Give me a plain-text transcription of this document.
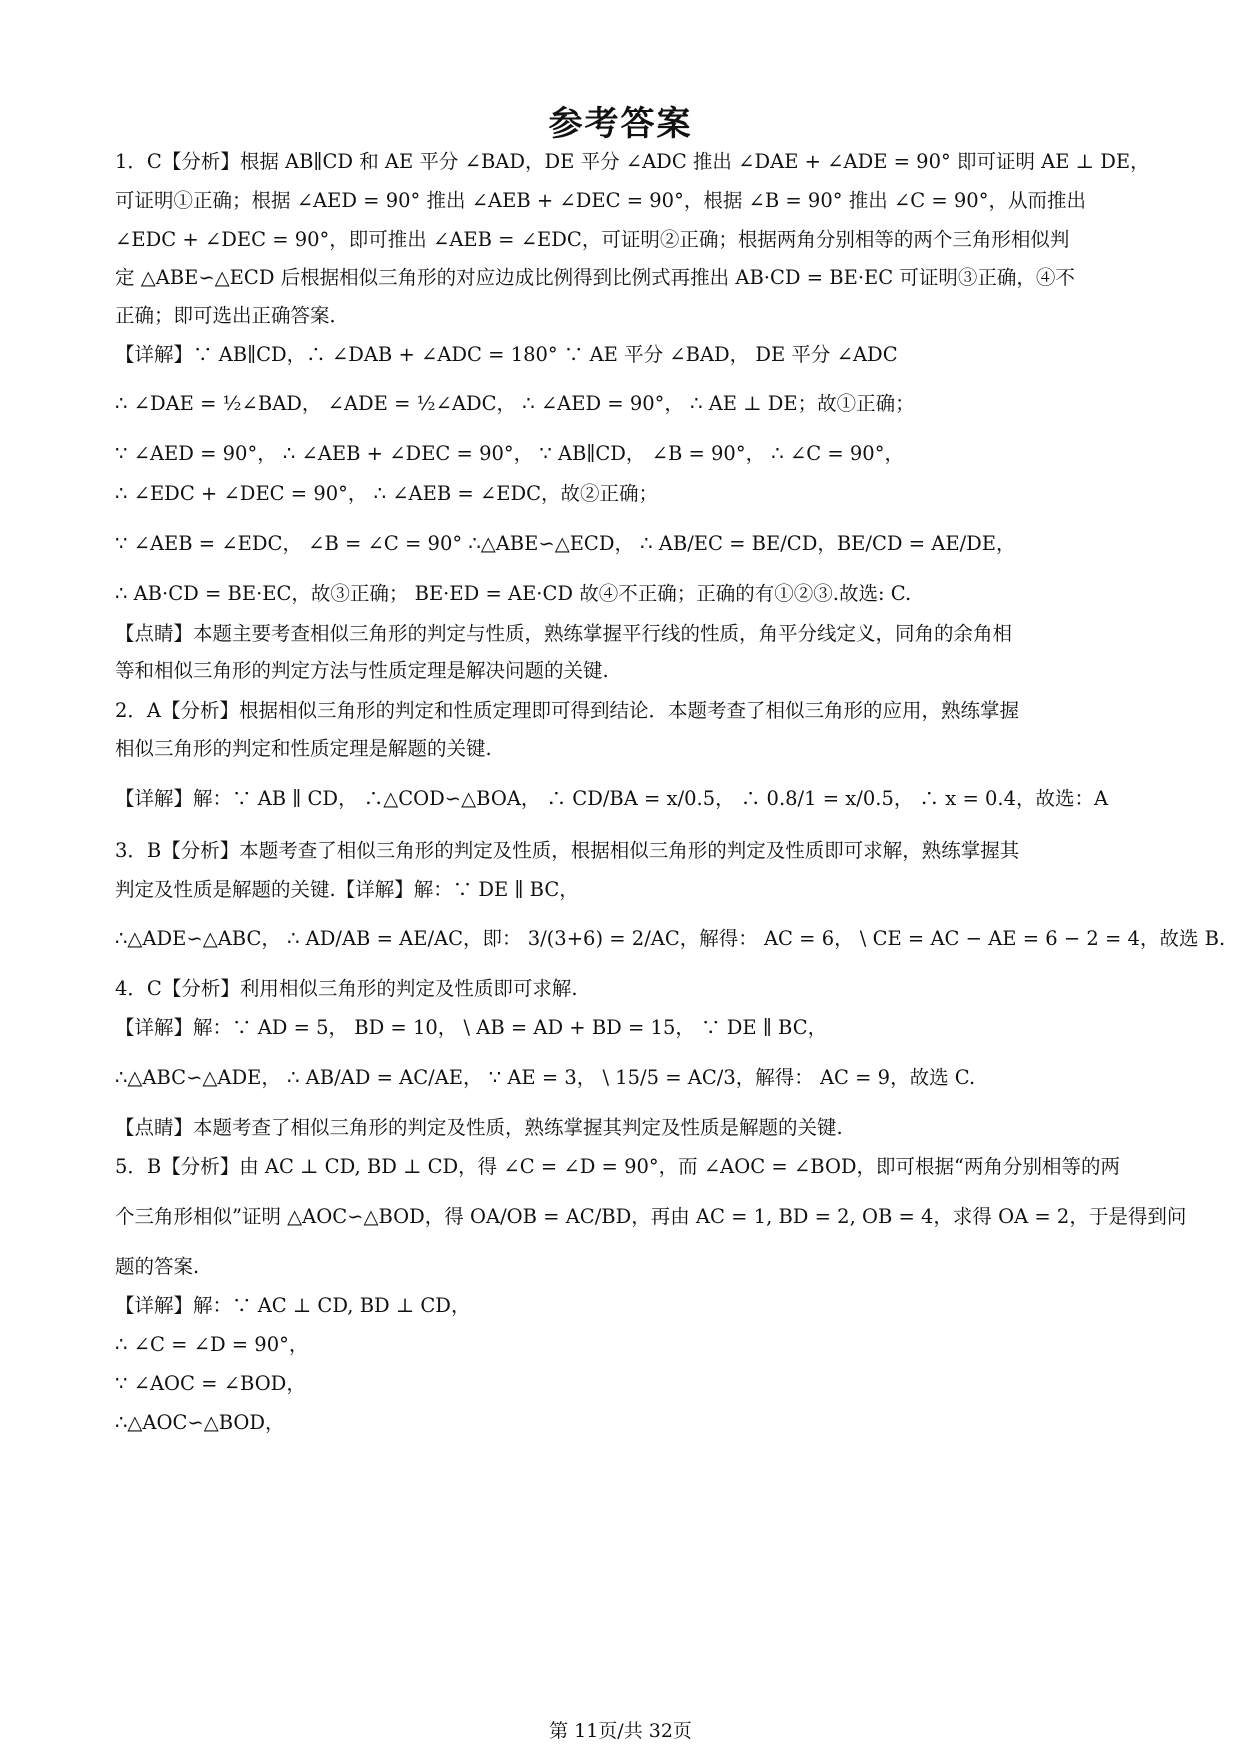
参考答案
1．C【分析】根据 AB∥CD 和 AE 平分 ∠BAD，DE 平分 ∠ADC 推出 ∠DAE + ∠ADE = 90° 即可证明 AE ⊥ DE，
可证明①正确；根据 ∠AED = 90° 推出 ∠AEB + ∠DEC = 90°，根据 ∠B = 90° 推出 ∠C = 90°，从而推出
∠EDC + ∠DEC = 90°，即可推出 ∠AEB = ∠EDC，可证明②正确；根据两角分别相等的两个三角形相似判
定 △ABE∽△ECD 后根据相似三角形的对应边成比例得到比例式再推出 AB·CD = BE·EC 可证明③正确，④不
正确；即可选出正确答案．
【详解】∵ AB∥CD，∴ ∠DAB + ∠ADC = 180° ∵ AE 平分 ∠BAD， DE 平分 ∠ADC
∴ ∠DAE = ½∠BAD， ∠ADE = ½∠ADC， ∴ ∠AED = 90°， ∴ AE ⊥ DE；故①正确；
∵ ∠AED = 90°， ∴ ∠AEB + ∠DEC = 90°， ∵ AB∥CD， ∠B = 90°， ∴ ∠C = 90°，
∴ ∠EDC + ∠DEC = 90°， ∴ ∠AEB = ∠EDC，故②正确；
∵ ∠AEB = ∠EDC， ∠B = ∠C = 90° ∴△ABE∽△ECD， ∴ AB/EC = BE/CD，BE/CD = AE/DE，
∴ AB·CD = BE·EC，故③正确； BE·ED = AE·CD 故④不正确；正确的有①②③.故选: C.
【点睛】本题主要考查相似三角形的判定与性质，熟练掌握平行线的性质，角平分线定义，同角的余角相
等和相似三角形的判定方法与性质定理是解决问题的关键.
2．A【分析】根据相似三角形的判定和性质定理即可得到结论．本题考查了相似三角形的应用，熟练掌握
相似三角形的判定和性质定理是解题的关键.
【详解】解：∵ AB ∥ CD， ∴△COD∽△BOA， ∴ CD/BA = x/0.5， ∴ 0.8/1 = x/0.5， ∴ x = 0.4，故选：A
3．B【分析】本题考查了相似三角形的判定及性质，根据相似三角形的判定及性质即可求解，熟练掌握其
判定及性质是解题的关键.【详解】解：∵ DE ∥ BC，
∴△ADE∽△ABC， ∴ AD/AB = AE/AC，即： 3/(3+6) = 2/AC，解得： AC = 6， \ CE = AC − AE = 6 − 2 = 4，故选 B.
4．C【分析】利用相似三角形的判定及性质即可求解.
【详解】解：∵ AD = 5， BD = 10， \ AB = AD + BD = 15， ∵ DE ∥ BC，
∴△ABC∽△ADE， ∴ AB/AD = AC/AE， ∵ AE = 3， \ 15/5 = AC/3，解得： AC = 9，故选 C.
【点睛】本题考查了相似三角形的判定及性质，熟练掌握其判定及性质是解题的关键.
5．B【分析】由 AC ⊥ CD, BD ⊥ CD，得 ∠C = ∠D = 90°，而 ∠AOC = ∠BOD，即可根据“两角分别相等的两
个三角形相似”证明 △AOC∽△BOD，得 OA/OB = AC/BD，再由 AC = 1, BD = 2, OB = 4，求得 OA = 2，于是得到问
题的答案.
【详解】解：∵ AC ⊥ CD, BD ⊥ CD，
∴ ∠C = ∠D = 90°，
∵ ∠AOC = ∠BOD，
∴△AOC∽△BOD，
第 11页/共 32页
